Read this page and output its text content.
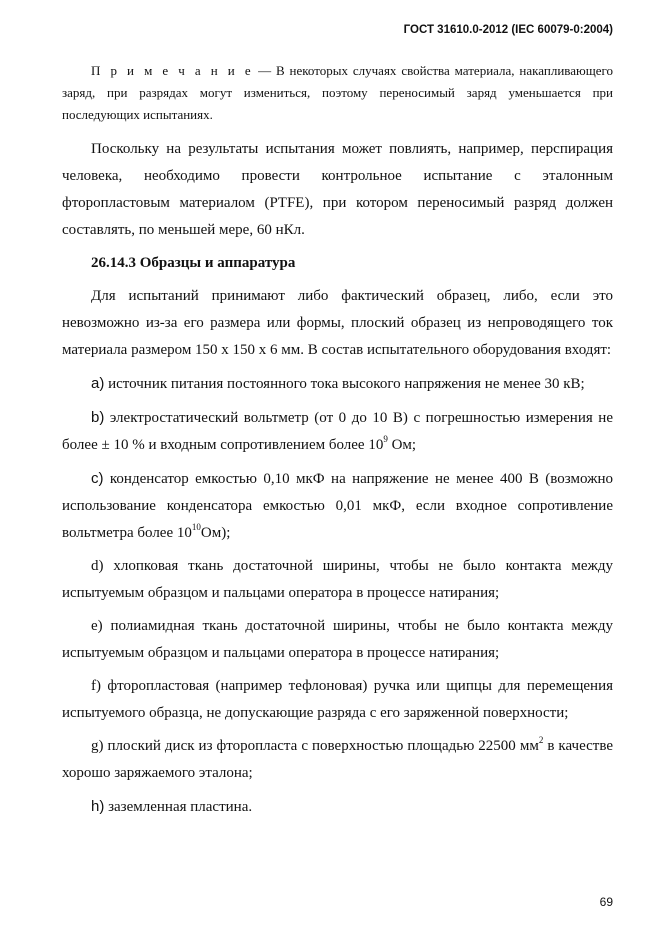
ГОСТ 31610.0-2012 (IEC 60079-0:2004)

П р и м е ч а н и е — В некоторых случаях свойства материала, накапливающего заряд, при разрядах могут измениться, поэтому переносимый заряд уменьшается при последующих испытаниях.

Поскольку на результаты испытания может повлиять, например, перспирация человека, необходимо провести контрольное испытание с эталонным фторопластовым материалом (PTFE), при котором переносимый разряд должен составлять, по меньшей мере, 60 нКл.

26.14.3 Образцы и аппаратура

Для испытаний принимают либо фактический образец, либо, если это невозможно из-за его размера или формы, плоский образец из непроводящего ток материала размером 150 х 150 х 6 мм. В состав испытательного оборудования входят:

а) источник питания постоянного тока высокого напряжения не менее 30 кВ;

b) электростатический вольтметр (от 0 до 10 В) с погрешностью измерения не более ± 10 % и входным сопротивлением более $10^9$ Ом;

с) конденсатор емкостью 0,10 мкФ на напряжение не менее 400 В (возможно использование конденсатора емкостью 0,01 мкФ, если входное сопротивление вольтметра более $10^{10}Ом$);

d) хлопковая ткань достаточной ширины, чтобы не было контакта между испытуемым образцом и пальцами оператора в процессе натирания;

е) полиамидная ткань достаточной ширины, чтобы не было контакта между испытуемым образцом и пальцами оператора в процессе натирания;

f) фторопластовая (например тефлоновая) ручка или щипцы для перемещения испытуемого образца, не допускающие разряда с его заряженной поверхности;

g) плоский диск из фторопласта с поверхностью площадью 22500 $мм^2$ в качестве хорошо заряжаемого эталона;

h) заземленная пластина.

69
